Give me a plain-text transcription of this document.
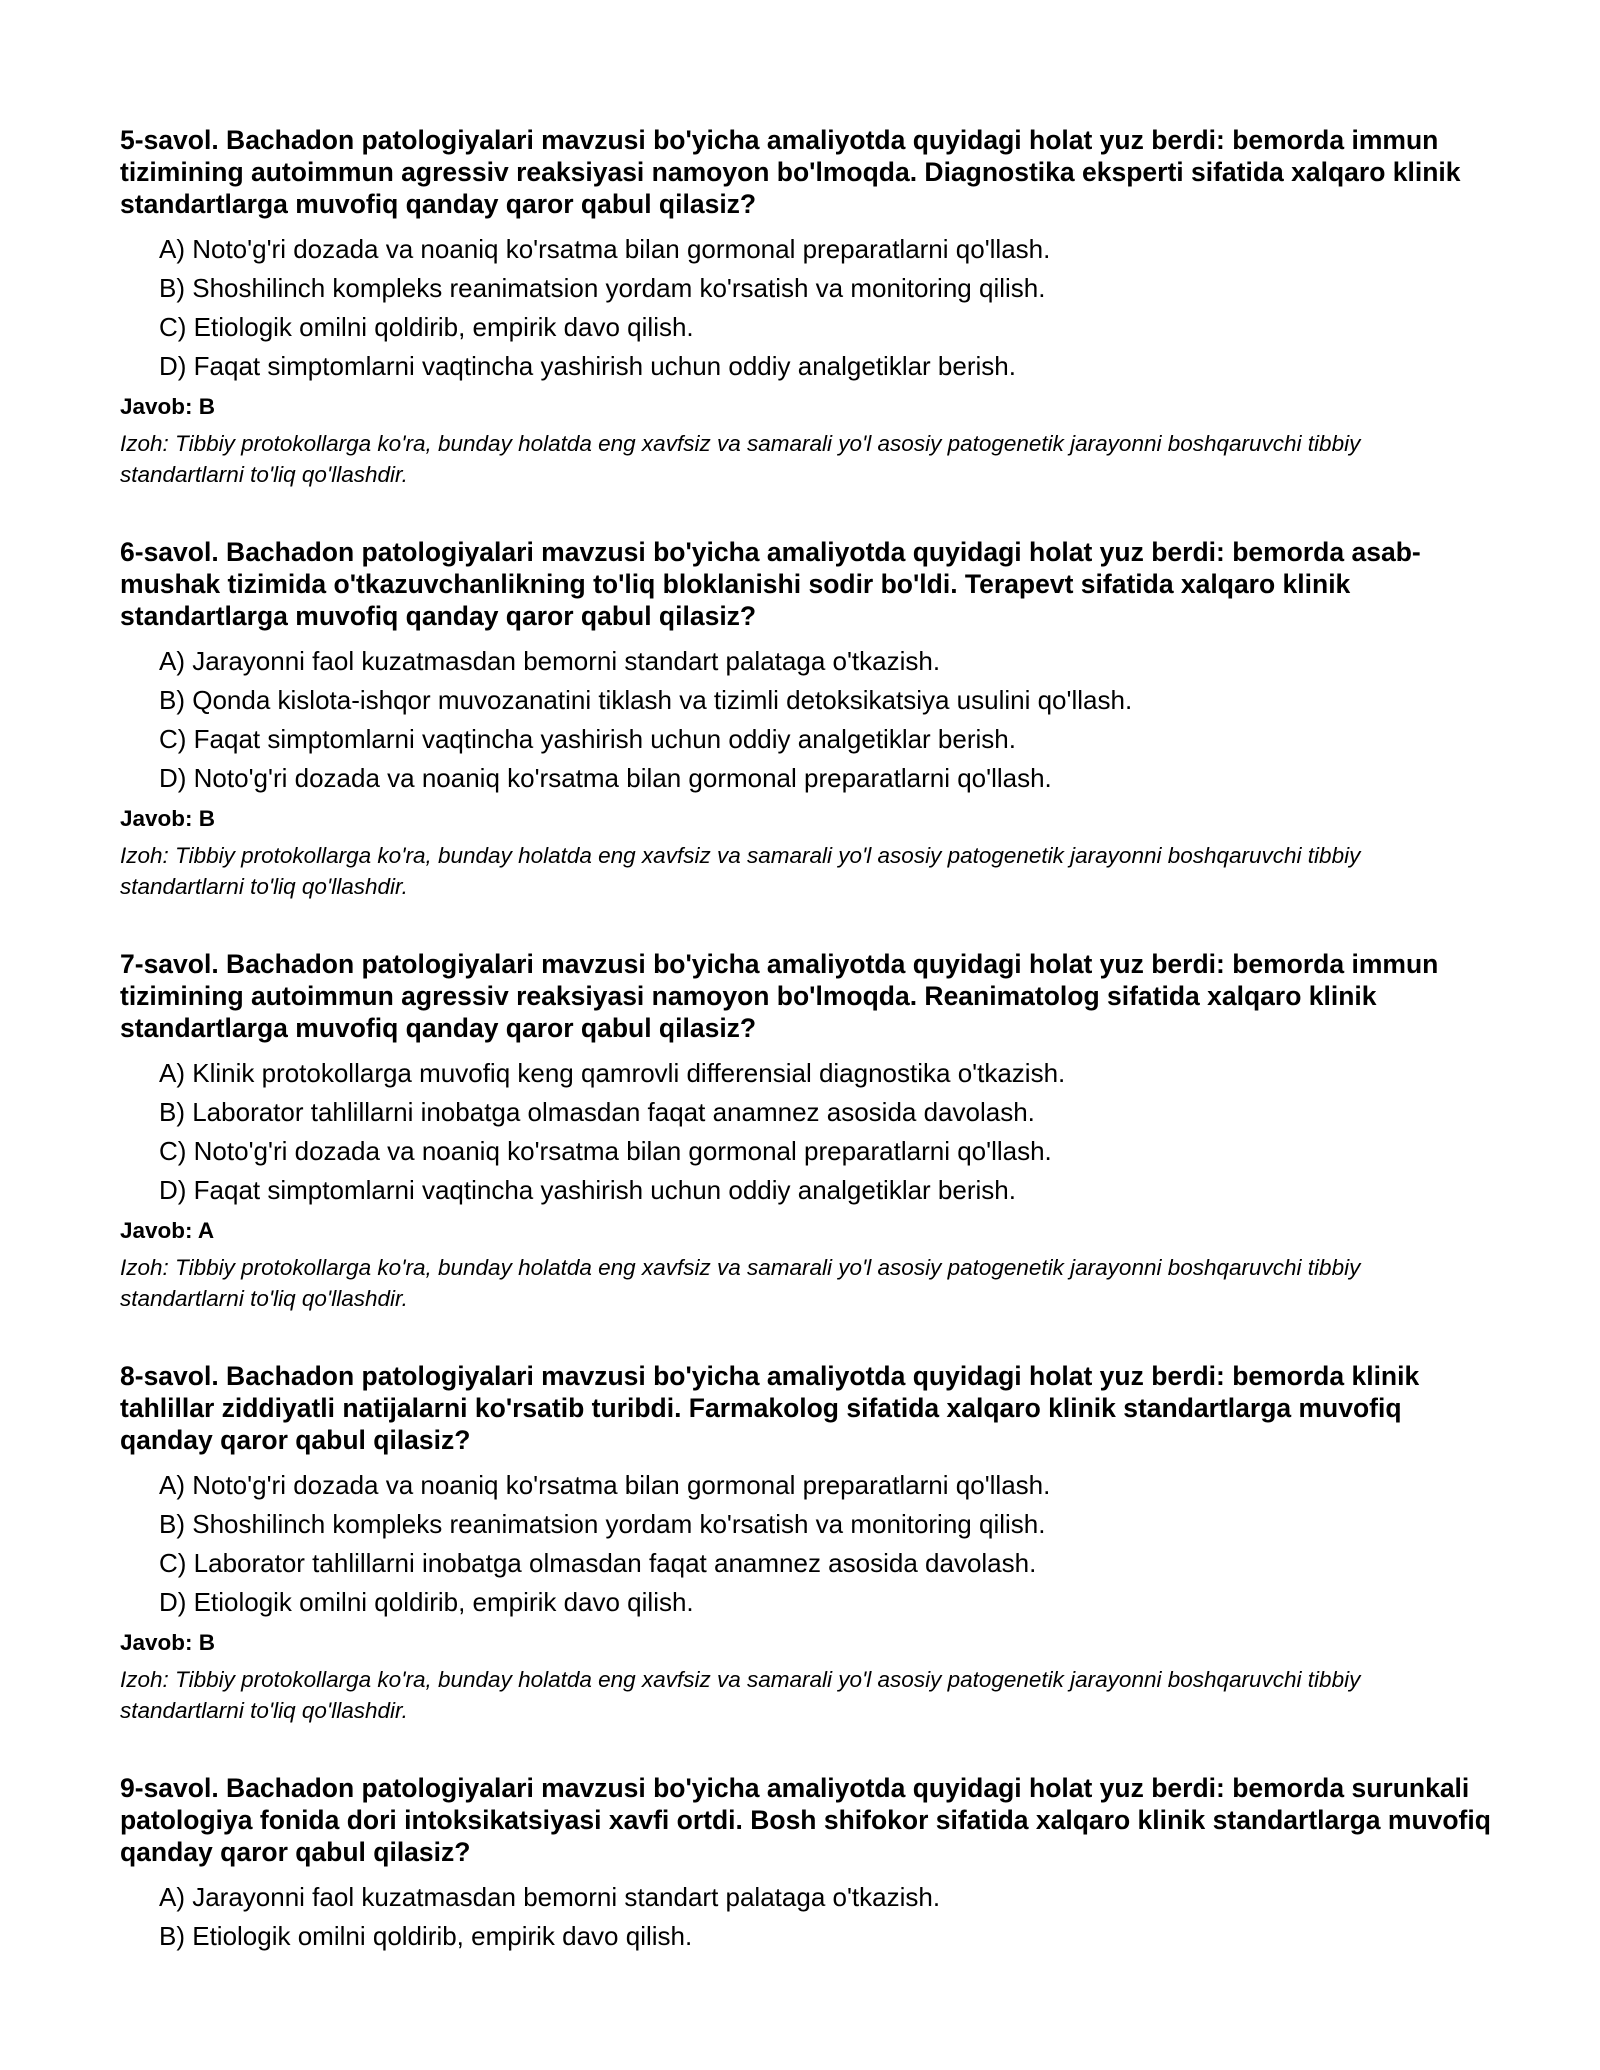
5-savol. Bachadon patologiyalari mavzusi bo'yicha amaliyotda quyidagi holat yuz berdi: bemorda immun tizimining autoimmun agressiv reaksiyasi namoyon bo'lmoqda. Diagnostika eksperti sifatida xalqaro klinik standartlarga muvofiq qanday qaror qabul qilasiz?
A) Noto'g'ri dozada va noaniq ko'rsatma bilan gormonal preparatlarni qo'llash.
B) Shoshilinch kompleks reanimatsion yordam ko'rsatish va monitoring qilish.
C) Etiologik omilni qoldirib, empirik davo qilish.
D) Faqat simptomlarni vaqtincha yashirish uchun oddiy analgetiklar berish.
Javob: B
Izoh: Tibbiy protokollarga ko'ra, bunday holatda eng xavfsiz va samarali yo'l asosiy patogenetik jarayonni boshqaruvchi tibbiy standartlarni to'liq qo'llashdir.
6-savol. Bachadon patologiyalari mavzusi bo'yicha amaliyotda quyidagi holat yuz berdi: bemorda asab-mushak tizimida o'tkazuvchanlikning to'liq bloklanishi sodir bo'ldi. Terapevt sifatida xalqaro klinik standartlarga muvofiq qanday qaror qabul qilasiz?
A) Jarayonni faol kuzatmasdan bemorni standart palataga o'tkazish.
B) Qonda kislota-ishqor muvozanatini tiklash va tizimli detoksikatsiya usulini qo'llash.
C) Faqat simptomlarni vaqtincha yashirish uchun oddiy analgetiklar berish.
D) Noto'g'ri dozada va noaniq ko'rsatma bilan gormonal preparatlarni qo'llash.
Javob: B
Izoh: Tibbiy protokollarga ko'ra, bunday holatda eng xavfsiz va samarali yo'l asosiy patogenetik jarayonni boshqaruvchi tibbiy standartlarni to'liq qo'llashdir.
7-savol. Bachadon patologiyalari mavzusi bo'yicha amaliyotda quyidagi holat yuz berdi: bemorda immun tizimining autoimmun agressiv reaksiyasi namoyon bo'lmoqda. Reanimatolog sifatida xalqaro klinik standartlarga muvofiq qanday qaror qabul qilasiz?
A) Klinik protokollarga muvofiq keng qamrovli differensial diagnostika o'tkazish.
B) Laborator tahlillarni inobatga olmasdan faqat anamnez asosida davolash.
C) Noto'g'ri dozada va noaniq ko'rsatma bilan gormonal preparatlarni qo'llash.
D) Faqat simptomlarni vaqtincha yashirish uchun oddiy analgetiklar berish.
Javob: A
Izoh: Tibbiy protokollarga ko'ra, bunday holatda eng xavfsiz va samarali yo'l asosiy patogenetik jarayonni boshqaruvchi tibbiy standartlarni to'liq qo'llashdir.
8-savol. Bachadon patologiyalari mavzusi bo'yicha amaliyotda quyidagi holat yuz berdi: bemorda klinik tahlillar ziddiyatli natijalarni ko'rsatib turibdi. Farmakolog sifatida xalqaro klinik standartlarga muvofiq qanday qaror qabul qilasiz?
A) Noto'g'ri dozada va noaniq ko'rsatma bilan gormonal preparatlarni qo'llash.
B) Shoshilinch kompleks reanimatsion yordam ko'rsatish va monitoring qilish.
C) Laborator tahlillarni inobatga olmasdan faqat anamnez asosida davolash.
D) Etiologik omilni qoldirib, empirik davo qilish.
Javob: B
Izoh: Tibbiy protokollarga ko'ra, bunday holatda eng xavfsiz va samarali yo'l asosiy patogenetik jarayonni boshqaruvchi tibbiy standartlarni to'liq qo'llashdir.
9-savol. Bachadon patologiyalari mavzusi bo'yicha amaliyotda quyidagi holat yuz berdi: bemorda surunkali patologiya fonida dori intoksikatsiyasi xavfi ortdi. Bosh shifokor sifatida xalqaro klinik standartlarga muvofiq qanday qaror qabul qilasiz?
A) Jarayonni faol kuzatmasdan bemorni standart palataga o'tkazish.
B) Etiologik omilni qoldirib, empirik davo qilish.
